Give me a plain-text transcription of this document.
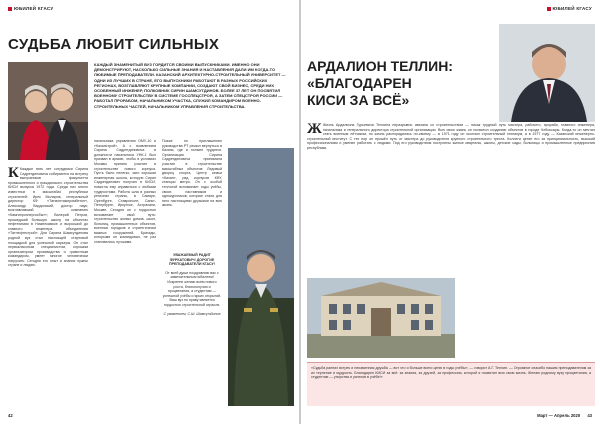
ЮБИЛЕЙ КГАСУ
СУДЬБА ЛЮБИТ СИЛЬНЫХ
КАЖДЫЙ ЗНАМЕНИТЫЙ ВУЗ ГОРДИТСЯ СВОИМИ ВЫПУСКНИКАМИ. ИМЕННО ОНИ ДЕМОНСТРИРУЮТ, НАСКОЛЬКО СИЛЬНЫЕ ЗНАНИЯ И НАСТАВЛЕНИЯ ДАЛИ ИМ КОГДА-ТО ЛЮБИМЫЕ ПРЕПОДАВАТЕЛИ. КАЗАНСКИЙ АРХИТЕКТУРНО-СТРОИТЕЛЬНЫЙ УНИВЕРСИТЕТ — ОДНИ ИЗ ЛУЧШИХ В СТРАНЕ, ЕГО ВЫПУСКНИКИ РАБОТАЮТ В РАЗНЫХ РОССИЙСКИХ РЕГИОНАХ, ВОЗГЛАВЛЯЮТ КРУПНЫЕ КОМПАНИИ, СОЗДАЮТ СВОЙ БИЗНЕС, СРЕДИ НИХ ОСОБЕННЫЙ ИНЖЕНЕР, ПОЛКОВНИК СИРИН ШАМСУТДИНОВ. БОЛЕЕ 37 ЛЕТ ОН ПОСВЯТИЛ ВОЕННОМУ СТРОИТЕЛЬСТВУ В СИСТЕМЕ ГОССПЕЦСТРОЯ, А ЗАТЕМ СПЕЦСТРОЯ РОССИИ — РАБОТАЛ ПРОРАБОМ, НАЧАЛЬНИКОМ УЧАСТКА, СЛУЖИЛ КОМАНДИРОМ ВОЕННО-СТРОИТЕЛЬНЫХ ЧАСТЕЙ, НАЧАЛЬНИКОМ УПРАВЛЕНИЯ СТРОИТЕЛЬСТВА.
К Каждые пять лет сотрудники Сирина Садретдиновича собираются на встречу выпускников факультета промышленного и гражданского строительства КИСИ выпуска 1972 года. Среди них много известных в масштабах республики строителей: Ирек Миларов, генеральный директор КФ «Татмонтажпромбетон», Александр Вардонский, доктор наук; возглавлявший компанию «Камгипроэнергосбыт»; Валерий Петров, прошедший большую школу на объектах нефтехимии в Нижнекамске и выросший до главного инженера объединения «Татнефтестрой». Для Сирина Шамсутдинова родной вуз стал настоящей стартовой площадкой для успешной карьеры. Он стал первоклассным специалистом, хорошим организатором производства и грамотным командиром, умеет многое человечески нагрузить. Сегодня его опыт и знания нужны стране и людям.
начальника управления ОМУ-10 и «Казанстрой». А с появлением Сирина Садретдиновича в должности начальника УНК-1 был призван в армию, чтобы в условиях Москвы принять участие в строительстве нового корпуса. Пусть было нелегко, зато хорошая инженерная школа, которую Сирин Садретдинович получил в КИСИ, помогла ему справиться с любыми трудностями. Работа шла в разных регионах страны, в Самаре, Оренбурге, Ставрополе, Санкт-Петербурге, Иркутске, Астрахани, Москве. Сегодня он с гордостью вспоминает свой путь: строительство жилых домов, школ, больниц, промышленных объектов, военных городков и стратегически важных сооружений. Бригады, которыми он командовал, не раз становились лучшими.
Позже по приглашению руководства РТ решил вернуться в Казань, где и поныне трудится. Организация Сирина Садретдиновича принимала участие в строительстве масштабных объектов: Ледовый дворец спорта, Центр семьи «Казан», ряд корпусов КФУ, станции метро. Он с особой теплотой вспоминает годы учёбы, своих наставников и однокурсников, которые стали для него настоящими друзьями на всю жизнь.
УВАЖАЕМЫЙ РАДИТ ФУРКАТОВИЧ! ДОРОГИЕ ПРЕПОДАВАТЕЛИ КГАСУ!
От всей души поздравляю вас с замечательным юбилеем! Искренне желаю всем нового роста, благополучия и процветания, а студентам — успешной учёбы и ярких открытий. Ваш вуз по праву является гордостью строительной отрасли.
С уважением, С.Ш. Шамсутдинов
42
ЮБИЛЕЙ КГАСУ
АРДАЛИОН ТЕЛЛИН:
«БЛАГОДАРЕН
КИСИ ЗА ВСЁ»
Ж Жизнь Ардалиона Гурьевича Теллина неразрывно связана со строительством — никак трудный путь мастера, рабочего, прораба, главного инженера, начальника и генерального директора строительной организации. Всю свою жизнь он посвятил созданию объектов в городе Чебоксары. Когда-то он мечтал стать военным лётчиком, но жизнь распорядилась по-своему — в 1971 году он окончил строительный техникум, а в 1977 году — Казанский инженерно-строительный институт. С тех пор он прошёл путь от мастера до руководителя крупного строительного треста. Коллеги ценят его за принципиальность, высокий профессионализм и умение работать с людьми. Под его руководством построены жилые кварталы, школы, детские сады, больницы и промышленные предприятия республики.
«Судьба ранних встреч и неизменная дружба — вот что я больше всего ценю в годы учёбы», — говорит А.Г. Теллин. — Огромное спасибо нашим преподавателям за их терпение и мудрость. Благодарен КИСИ за всё: за знания, за друзей, за профессию, которой я посвятил всю свою жизнь. Желаю родному вузу процветания, а студентам — упорства и успехов в учёбе!»
Март — Апрель 2020 43
